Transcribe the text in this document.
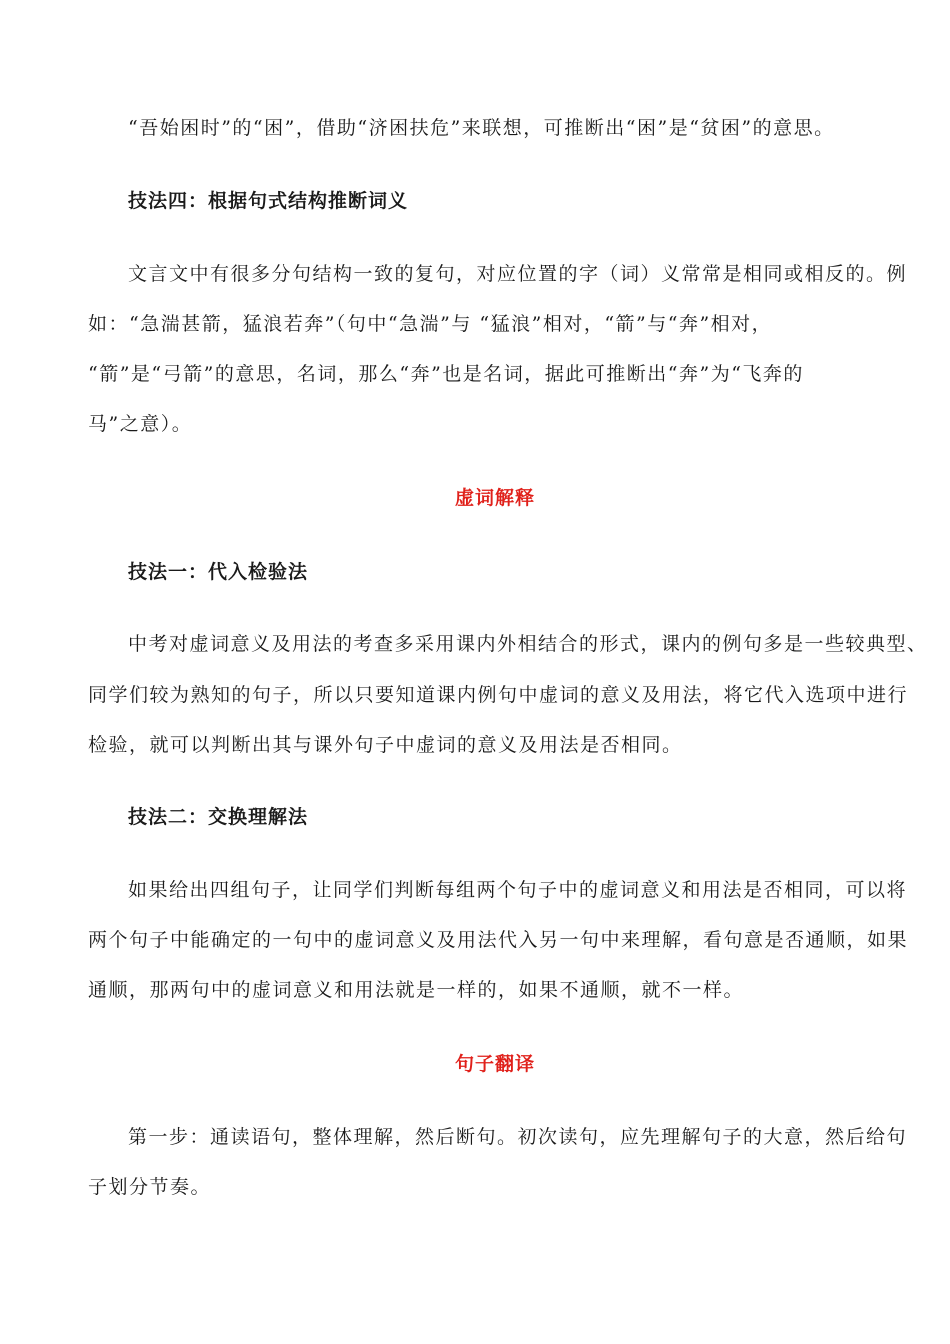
“吾始困时”的“困”，借助“济困扶危”来联想，可推断出“困”是“贫困”的意思。
技法四：根据句式结构推断词义
文言文中有很多分句结构一致的复句，对应位置的字（词）义常常是相同或相反的。例
如：“急湍甚箭，猛浪若奔”（句中“急湍”与 “猛浪”相对，“箭”与“奔”相对，
“箭”是“弓箭”的意思，名词，那么“奔”也是名词，据此可推断出“奔”为“飞奔的
马”之意）。
虚词解释
技法一：代入检验法
中考对虚词意义及用法的考查多采用课内外相结合的形式，课内的例句多是一些较典型、
同学们较为熟知的句子，所以只要知道课内例句中虚词的意义及用法，将它代入选项中进行
检验，就可以判断出其与课外句子中虚词的意义及用法是否相同。
技法二：交换理解法
如果给出四组句子，让同学们判断每组两个句子中的虚词意义和用法是否相同，可以将
两个句子中能确定的一句中的虚词意义及用法代入另一句中来理解，看句意是否通顺，如果
通顺，那两句中的虚词意义和用法就是一样的，如果不通顺，就不一样。
句子翻译
第一步：通读语句，整体理解，然后断句。初次读句，应先理解句子的大意，然后给句
子划分节奏。
